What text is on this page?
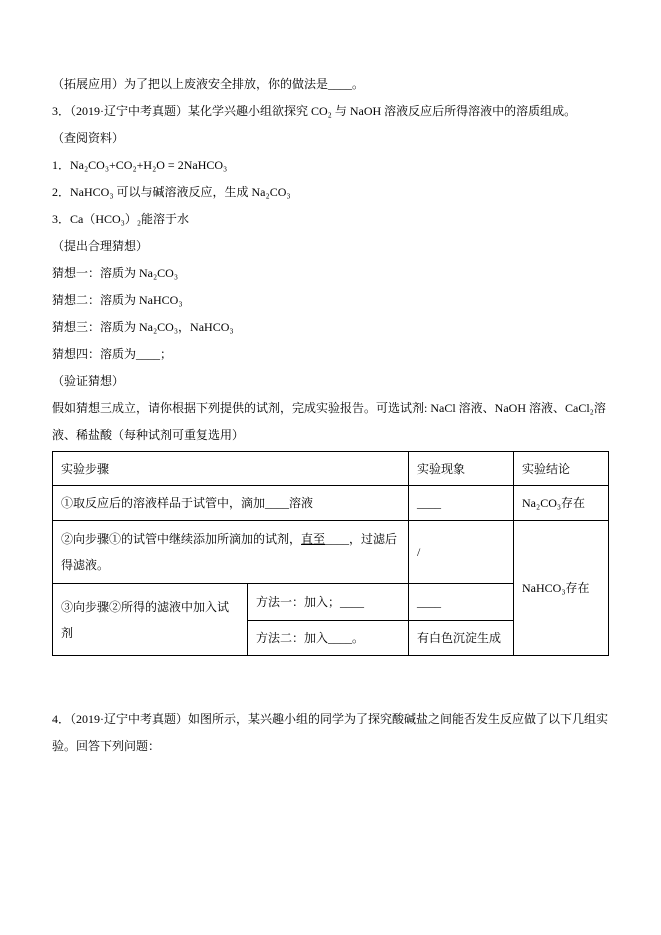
（拓展应用）为了把以上废液安全排放，你的做法是____。

3．（2019·辽宁中考真题）某化学兴趣小组欲探究 CO₂ 与 NaOH 溶液反应后所得溶液中的溶质组成。

（查阅资料）

1．Na₂CO₃+CO₂+H₂O = 2NaHCO₃

2．NaHCO₃ 可以与碱溶液反应，生成 Na₂CO₃

3．Ca（HCO₃）₂能溶于水

（提出合理猜想）

猜想一：溶质为 Na₂CO₃

猜想二：溶质为 NaHCO₃

猜想三：溶质为 Na₂CO₃，NaHCO₃

猜想四：溶质为____；

（验证猜想）

假如猜想三成立，请你根据下列提供的试剂，完成实验报告。可选试剂: NaCl 溶液、NaOH 溶液、CaCl₂溶液、稀盐酸（每种试剂可重复选用）

实验步骤		实验现象	实验结论
①取反应后的溶液样品于试管中，滴加____溶液		____	Na₂CO₃存在
②向步骤①的试管中继续添加所滴加的试剂，直至____，过滤后得滤液。		/	NaHCO₃存在
③向步骤②所得的滤液中加入试剂	方法一：加入；____	____	
	方法二：加入____。	有白色沉淀生成	

4．（2019·辽宁中考真题）如图所示，某兴趣小组的同学为了探究酸碱盐之间能否发生反应做了以下几组实验。回答下列问题：
